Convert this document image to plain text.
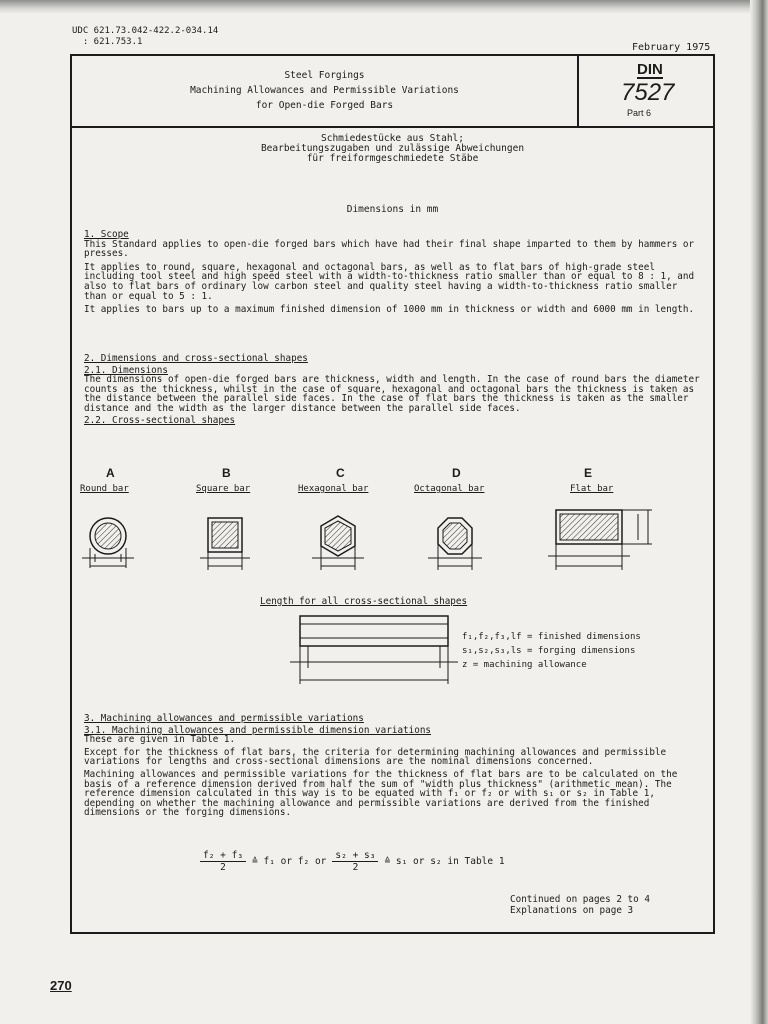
UDC 621.73.042-422.2-034.14
: 621.753.1	February 1975
Steel Forgings
Machining Allowances and Permissible Variations
for Open-die Forged Bars
DIN
7527
Part 6
Schmiedestücke aus Stahl;
Bearbeitungszugaben und zulässige Abweichungen
für freiformgeschmiedete Stäbe
Dimensions in mm
1. Scope
This Standard applies to open-die forged bars which have had their final shape imparted to them by hammers or presses.
It applies to round, square, hexagonal and octagonal bars, as well as to flat bars of high-grade steel including tool steel and high speed steel with a width-to-thickness ratio smaller than or equal to 8 : 1, and also to flat bars of ordinary low carbon steel and quality steel having a width-to-thickness ratio smaller than or equal to 5 : 1.
It applies to bars up to a maximum finished dimension of 1000 mm in thickness or width and 6000 mm in length.
2. Dimensions and cross-sectional shapes
2.1. Dimensions
The dimensions of open-die forged bars are thickness, width and length. In the case of round bars the diameter counts as the thickness, whilst in the case of square, hexagonal and octagonal bars the thickness is taken as the distance between the parallel side faces. In the case of flat bars the thickness is taken as the smaller distance and the width as the larger distance between the parallel side faces.
2.2. Cross-sectional shapes
A	B	C	D	E
Round bar	Square bar	Hexagonal bar	Octagonal bar	Flat bar
Length for all cross-sectional shapes
f₁,f₂,f₃,lf = finished dimensions
s₁,s₂,s₃,ls = forging dimensions
z = machining allowance
3. Machining allowances and permissible variations
3.1. Machining allowances and permissible dimension variations
These are given in Table 1.
Except for the thickness of flat bars, the criteria for determining machining allowances and permissible variations for lengths and cross-sectional dimensions are the nominal dimensions concerned.
Machining allowances and permissible variations for the thickness of flat bars are to be calculated on the basis of a reference dimension derived from half the sum of "width plus thickness" (arithmetic mean). The reference dimension calculated in this way is to be equated with f₁ or f₂ or with s₁ or s₂ in Table 1, depending on whether the machining allowance and permissible variations are derived from the finished dimensions or the forging dimensions.
f₂ + f₃
2
≙ f₁ or f₂ or
s₂ + s₃
2
≙ s₁ or s₂ in Table 1
Continued on pages 2 to 4
Explanations on page 3
270
